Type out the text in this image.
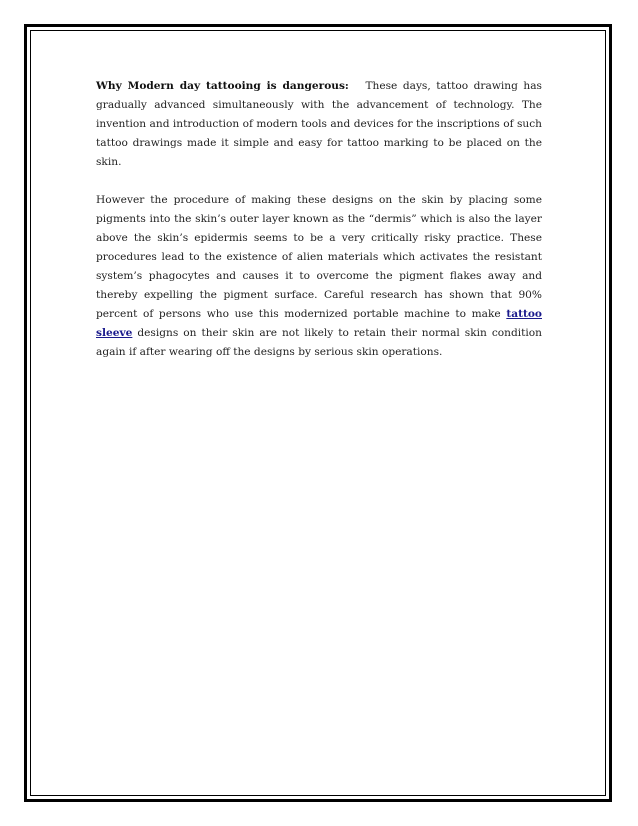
Why Modern day tattooing is dangerous: These days, tattoo drawing has gradually advanced simultaneously with the advancement of technology. The invention and introduction of modern tools and devices for the inscriptions of such tattoo drawings made it simple and easy for tattoo marking to be placed on the skin.

However the procedure of making these designs on the skin by placing some pigments into the skin’s outer layer known as the “dermis” which is also the layer above the skin’s epidermis seems to be a very critically risky practice. These procedures lead to the existence of alien materials which activates the resistant system’s phagocytes and causes it to overcome the pigment flakes away and thereby expelling the pigment surface. Careful research has shown that 90% percent of persons who use this modernized portable machine to make tattoo sleeve designs on their skin are not likely to retain their normal skin condition again if after wearing off the designs by serious skin operations.
